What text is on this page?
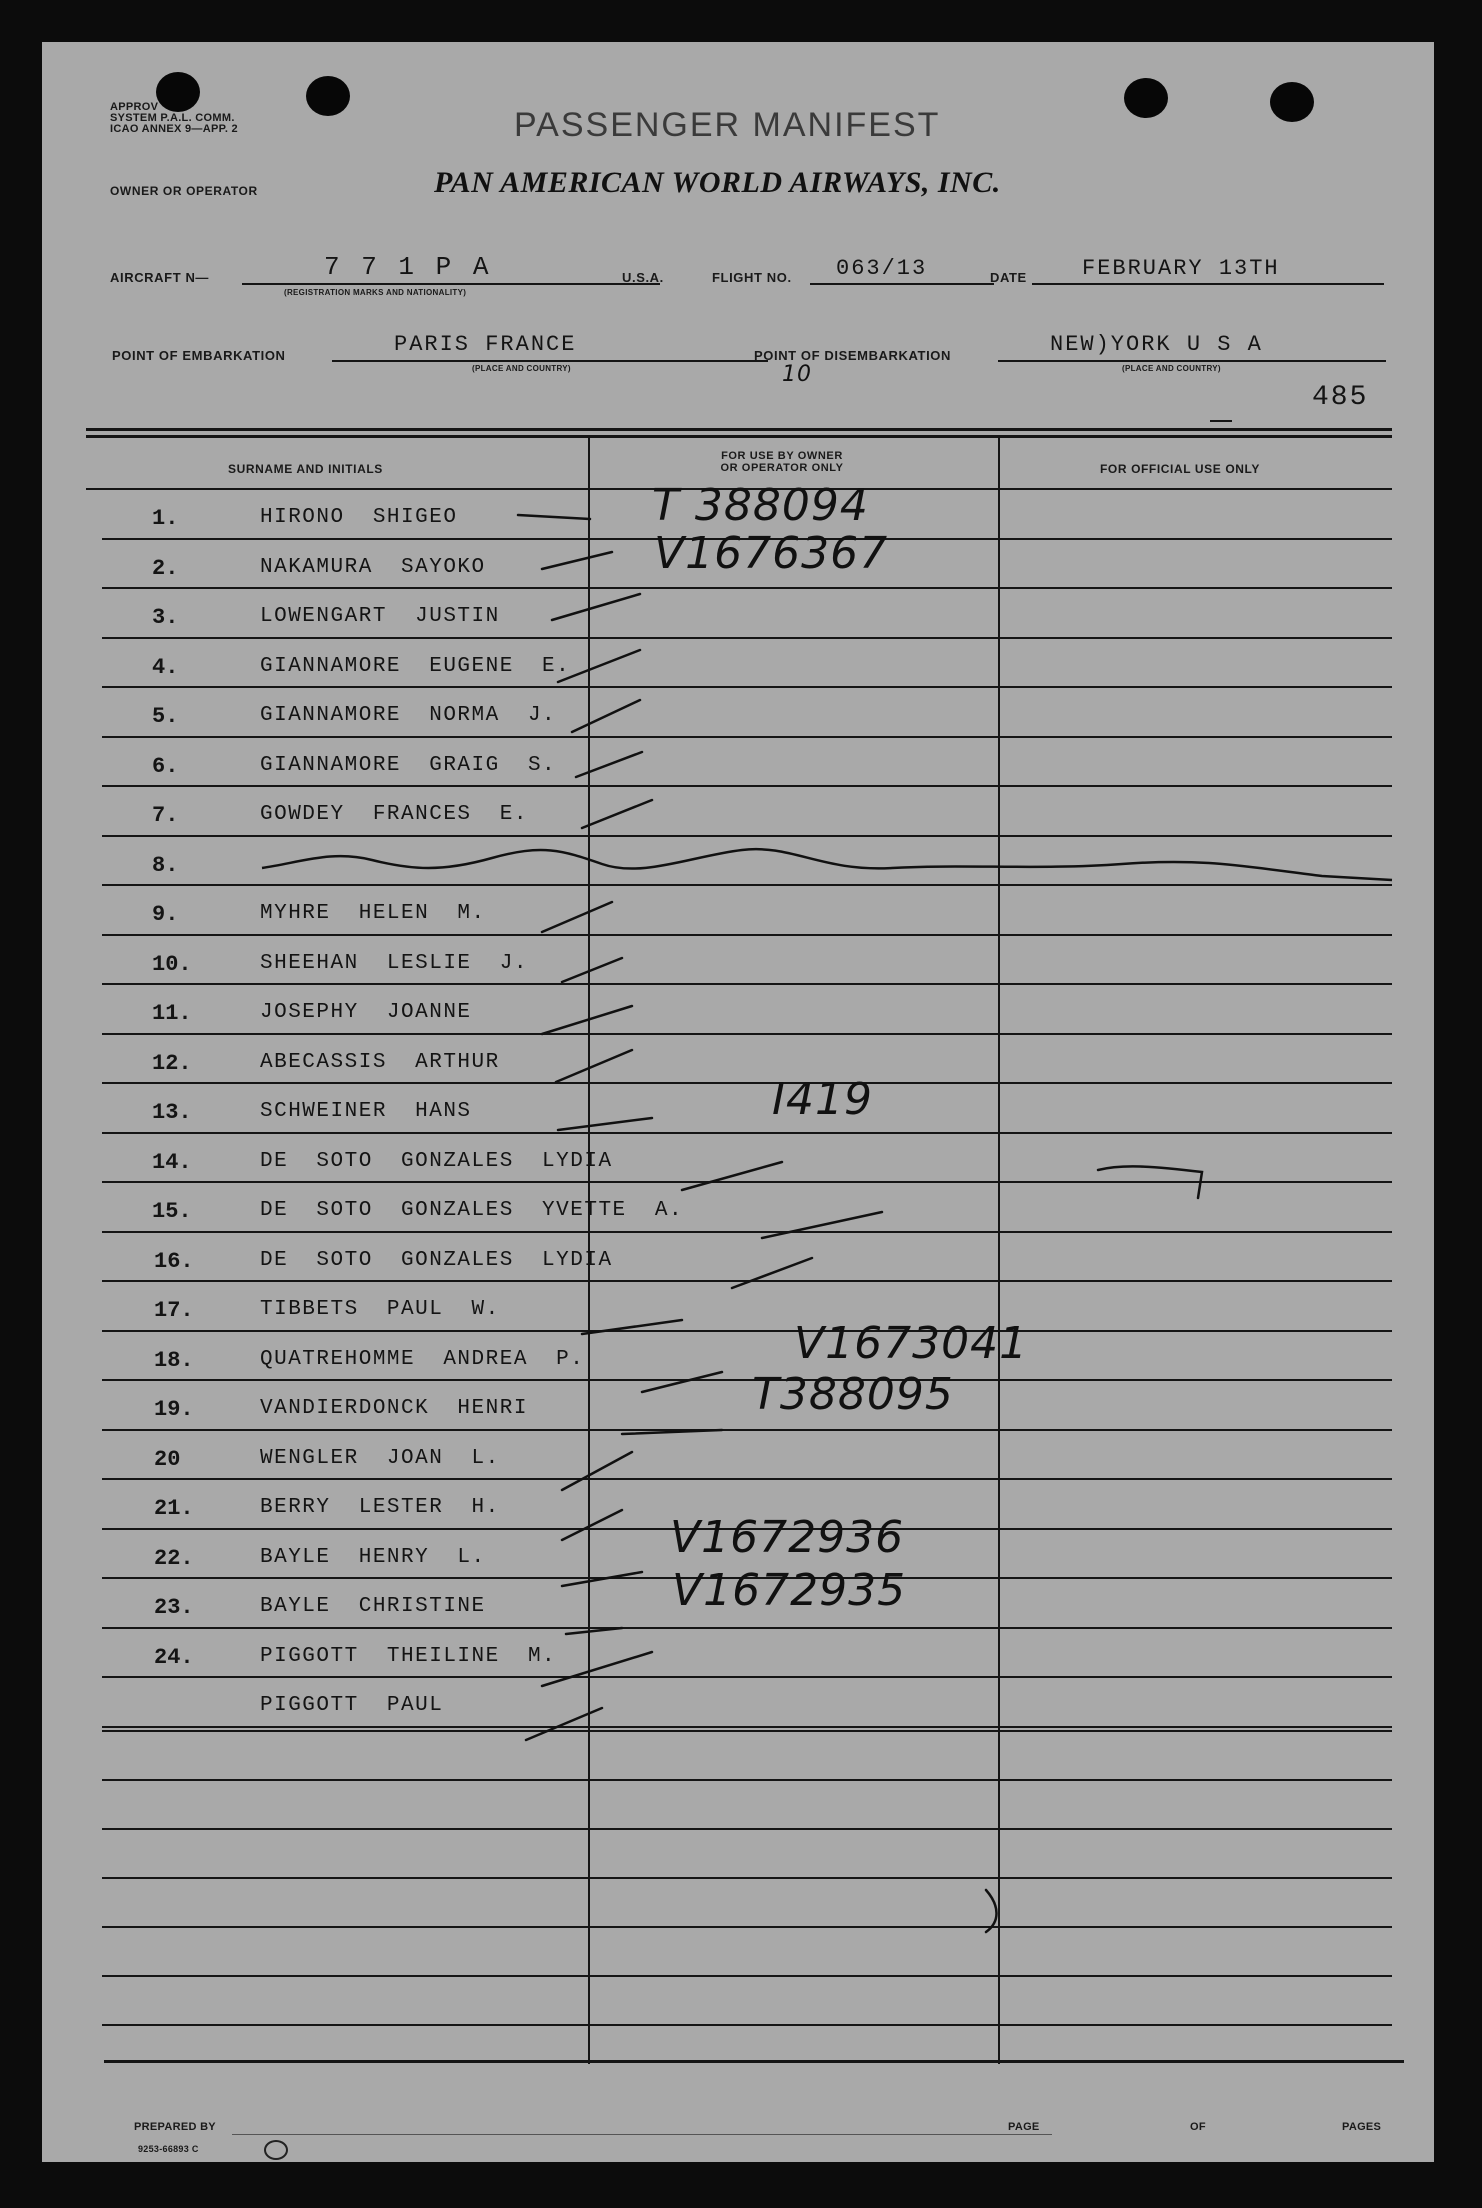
APPROV
SYSTEM P.A.L. COMM.
ICAO ANNEX 9—APP. 2	PASSENGER MANIFEST
OWNER OR OPERATOR	PAN AMERICAN WORLD AIRWAYS, INC.
AIRCRAFT N—	7 7 1 P A
(REGISTRATION MARKS AND NATIONALITY)
U.S.A.	FLIGHT NO. 063/13	DATE	FEBRUARY 13TH
POINT OF EMBARKATION	PARIS FRANCE
(PLACE AND COUNTRY)
POINT OF DISEMBARKATION	NEW)YORK U S A
(PLACE AND COUNTRY)
10
485
SURNAME AND INITIALS
FOR USE BY OWNER
OR OPERATOR ONLY	FOR OFFICIAL USE ONLY
1.	HIRONO  SHIGEO	T 388094
2.	NAKAMURA  SAYOKO	V1676367
3.	LOWENGART  JUSTIN
4.	GIANNAMORE  EUGENE  E.
5.	GIANNAMORE  NORMA  J.
6.	GIANNAMORE  GRAIG  S.
7.	GOWDEY  FRANCES  E.
8.
9.	MYHRE  HELEN  M.
10.	SHEEHAN  LESLIE  J.
11.	JOSEPHY  JOANNE
12.	ABECASSIS  ARTHUR
13.	SCHWEINER  HANS	I419
14.	DE  SOTO  GONZALES  LYDIA
15.	DE  SOTO  GONZALES  YVETTE  A.
16.	DE  SOTO  GONZALES  LYDIA
17.	TIBBETS  PAUL  W.
18.	QUATREHOMME  ANDREA  P.	V1673041
19.	VANDIERDONCK  HENRI	T388095
20	WENGLER  JOAN  L.
21.	BERRY  LESTER  H.
22.	BAYLE  HENRY  L.	V1672936
23.	BAYLE  CHRISTINE	V1672935
24.	PIGGOTT  THEILINE  M.
PIGGOTT  PAUL
PREPARED BY
9253-66893 C
PAGE	OF	PAGES
